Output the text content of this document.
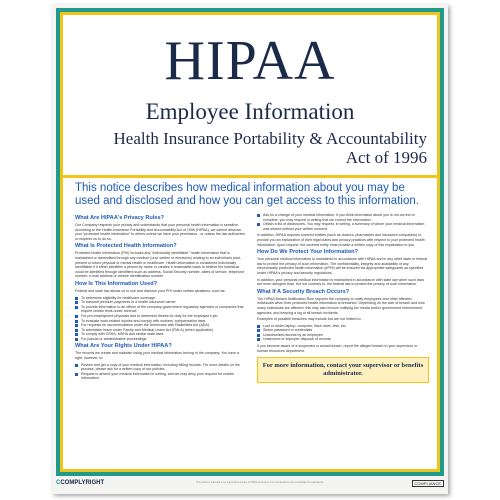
HIPAA
Employee Information
Health Insurance Portability & Accountability Act of 1996
This notice describes how medical information about you may be used and disclosed and how you can get access to this information.
What Are HIPAA's Privacy Rules?

Our Company respects your privacy and understands that your personal health information is sensitive. According to the Health Insurance Portability and Accountability Act of 1996 (HIPAA), we cannot disclose your "protected health information" to others unless we have your permission - or unless the law authorizes or requires us to do so.

What Is Protected Health Information?

Protected health information (PHI) includes any "individually identifiable" health information that is maintained or transmitted through any medium (oral, written or electronic) relating to an individual's past, present or future physical or mental health or healthcare. Health information is considered individually identifiable if it either identifies a person by name or creates a reasonable basis to believe the individual could be identified through identifiers such as address, Social Security number, dates of service, telephone number, e-mail address or vehicle identification number.

How Is This Information Used?

Federal and state law allows us to use and disclose your PHI under certain situations, such as:

To determine eligibility for healthcare coverage
To transmit premium payments to a health insurance carrier
To provide information to an officer of the company government regulatory agencies or companies that require certain tests under contract
For pre-employment physicals and to determine fitness for duty for the employee's job
To evaluate work-related injuries and comply with workers' compensation laws
For requests for accommodation under the Americans with Disabilities Act (ADA)
To administer leave under Family and Medical Leave Act (FMLA) (when applicable)
To comply with OSHA, MSHA and similar state laws
For judicial or administrative proceedings
What Are Your Rights Under HIPAA?

The records we create and maintain using your medical information belong to the company. You have a right, however, to:

Review and get a copy of your medical information, including billing records. For more details on the process, please ask for a written copy of our policies.
Request to amend your medical information in writing, and we may deny your request for certain information.
Ask for a change of your medical information. If you think information about you is not correct or complete, you may request in writing that we correct the information.
Obtain a list of disclosures. You may request, in writing, a summary of whom your medical information was shared without your written consent.

In addition, HIPAA requires covered entities (such as doctors, pharmacies and insurance companies) to provide you an explanation of their legal duties and privacy practices with respect to your protected health information. Upon request, the covered entity must provide a written copy of this explanation to you.

How Do We Protect Your Information?

Your personal medical information is maintained in accordance with HIPAA and in any other state or federal law to protect the privacy of such information. The confidentiality, integrity and availability of any electronically protected health information (ePHI) will be ensured via appropriate safeguards as specified under HIPAA's privacy and security regulations.

In addition, your personal medical information is maintained in accordance with state law when such laws are more stringent than, but not contrary to, the federal law to protect the privacy of such information.

What If A Security Breach Occurs?

The HIPAA Breach Notification Rule requires the company to notify employees and other affected individuals when their protected health information is breached. Depending on the size of breach and how many individuals are affected, this may also involve notifying the media and/or government enforcement agencies, and keeping a log of all breach incidents.

Examples of possible breaches may include but are not limited to:

Lost or stolen laptop, computer, flash drive, disk, etc.
Stolen password or credentials
Unauthorized access by an employee
Unsecured or improper disposal of records

If you become aware of a suspected or actual breach, report the alleged breach to your supervisor or human resources department.

For more information, contact your supervisor or benefits administrator.
CCOMPLYRIGHT	This poster is intended to be a general summary of HIPAA provisions. It is not intended to be a substitute for legal advice.	COMPLIANCE
